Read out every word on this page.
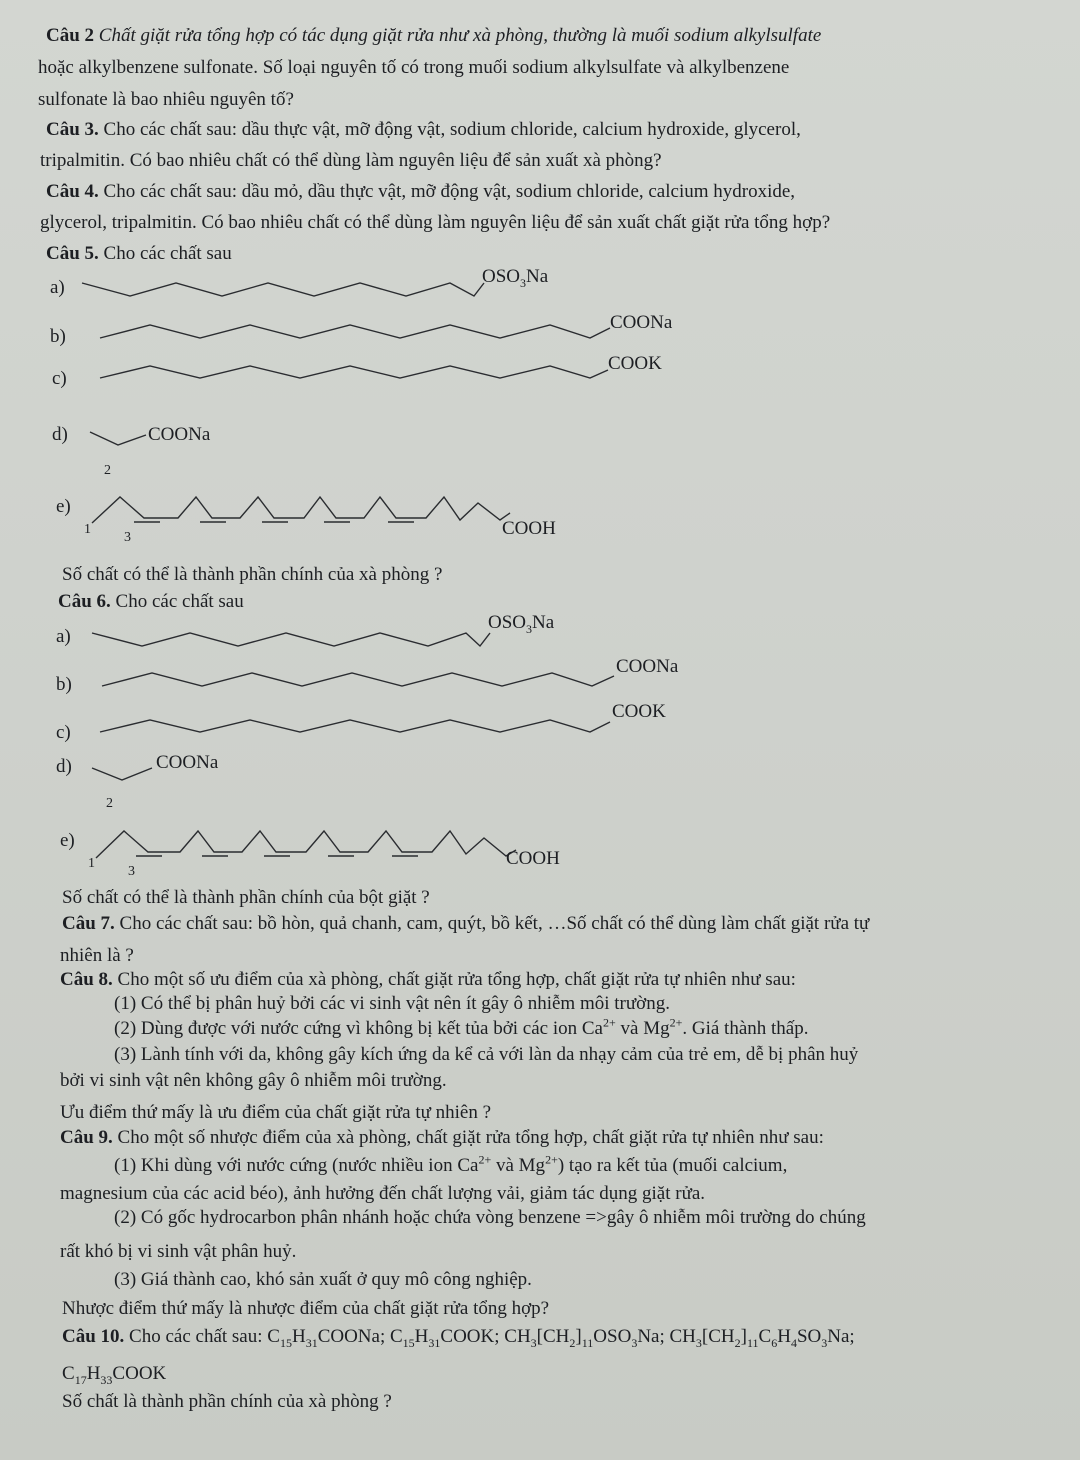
Câu 2 Chất giặt rửa tổng hợp có tác dụng giặt rửa như xà phòng, thường là muối sodium alkylsulfate
hoặc alkylbenzene sulfonate. Số loại nguyên tố có trong muối sodium alkylsulfate và alkylbenzene
sulfonate là bao nhiêu nguyên tố?
Câu 3. Cho các chất sau: dầu thực vật, mỡ động vật, sodium chloride, calcium hydroxide, glycerol,
tripalmitin. Có bao nhiêu chất có thể dùng làm nguyên liệu để sản xuất xà phòng?
Câu 4. Cho các chất sau: dầu mỏ, dầu thực vật, mỡ động vật, sodium chloride, calcium hydroxide,
glycerol, tripalmitin. Có bao nhiêu chất có thể dùng làm nguyên liệu để sản xuất chất giặt rửa tổng hợp?
Câu 5. Cho các chất sau
a)
$OSO_3Na$
b)
COONa
c)
COOK
d)	COONa
2
e)
1
3	COOH
Số chất có thể là thành phần chính của xà phòng ?
Câu 6. Cho các chất sau
a)
$OSO_3Na$
b)
COONa
c)
COOK
d)	COONa
2
e)
1
3
COOH
Số chất có thể là thành phần chính của bột giặt ?
Câu 7. Cho các chất sau: bồ hòn, quả chanh, cam, quýt, bồ kết, …Số chất có thể dùng làm chất giặt rửa tự
nhiên là ?
Câu 8. Cho một số ưu điểm của xà phòng, chất giặt rửa tổng hợp, chất giặt rửa tự nhiên như sau:
(1) Có thể bị phân huỷ bởi các vi sinh vật nên ít gây ô nhiễm môi trường.
(2) Dùng được với nước cứng vì không bị kết tủa bởi các ion $Ca^{2+}$ và $Mg^{2+}$. Giá thành thấp.
(3) Lành tính với da, không gây kích ứng da kể cả với làn da nhạy cảm của trẻ em, dễ bị phân huỷ
bởi vi sinh vật nên không gây ô nhiễm môi trường.
Ưu điểm thứ mấy là ưu điểm của chất giặt rửa tự nhiên ?
Câu 9. Cho một số nhược điểm của xà phòng, chất giặt rửa tổng hợp, chất giặt rửa tự nhiên như sau:
(1) Khi dùng với nước cứng (nước nhiều ion $Ca^{2+}$ và $Mg^{2+}$) tạo ra kết tủa (muối calcium,
magnesium của các acid béo), ảnh hưởng đến chất lượng vải, giảm tác dụng giặt rửa.
(2) Có gốc hydrocarbon phân nhánh hoặc chứa vòng benzene =>gây ô nhiễm môi trường do chúng
rất khó bị vi sinh vật phân huỷ.
(3) Giá thành cao, khó sản xuất ở quy mô công nghiệp.
Nhược điểm thứ mấy là nhược điểm của chất giặt rửa tổng hợp?
Câu 10. Cho các chất sau: $C_{15}H_{31}COONa$; $C_{15}H_{31}COOK$; $CH_3[CH_2]_{11}OSO_3Na$; $CH_3[CH_2]_{11}C_6H_4SO_3Na$;
$C_{17}H_{33}COOK$
Số chất là thành phần chính của xà phòng ?
